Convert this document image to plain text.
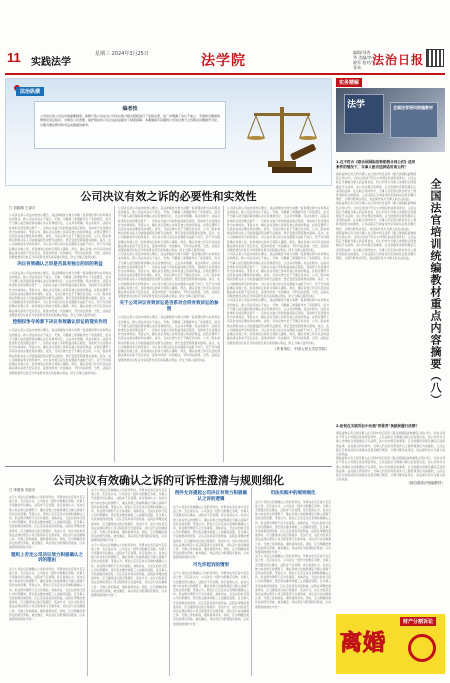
11 实践法学
星期三 2024年3月25日	法学院
编辑/刘秀华 美编/李晓军 校对/张英
法治日报
法治纵横
编者按

公司决议是公司法中的重要制度。新修订的公司法对公司决议效力相关规则进行了系统完善，进一步明确了决议不成立、无效和可撤销的情形及诉讼程序，为规范公司治理、保护股东和公司合法权益提供了制度保障。本期邀请专家围绕公司决议效力之诉相关问题展开讨论，以期为理论研究和司法实践提供参考。

公司决议有效之诉的必要性和实效性
□ 刘凯湘 王泽宇

公司决议是公司法中的核心概念，其法律属性与效力问题一直是理论界与实务界关注的焦点。新公司法对决议不成立、无效、可撤销三类瑕疵作出了系统规定，但对于当事人能否提起请求确认决议有效的诉讼，立法并未明确。司法实践中，法院对此类诉讼的受理态度不一，有的认为缺乏诉的利益而裁定驳回，有的则予以受理并作出实体判决。笔者认为，确认决议有效之诉具有独立的诉的利益，在特定情形下有其存在的必要性和实效性。首先，当决议效力处于不确定状态时，公司、股东或相关利害关系人可能面临经营决策无法推进、登记变更受阻等现实困境。其次，在公司控制权争夺的场景中，对立各方常以决议存在瑕疵为由拒不执行，若不允许提起确认有效之诉，则有效决议的执行将陷入僵局。再次，确认有效之诉可以及时消除法律关系的不安定状态，促进纠纷的一次性解决，节约司法资源。当然，法院在受理此类诉讼时应当审查原告是否具有确认利益，防止当事人滥用诉权。

决议有效确认之诉是否具有独立的诉的利益

公司决议是公司法中的核心概念，其法律属性与效力问题一直是理论界与实务界关注的焦点。新公司法对决议不成立、无效、可撤销三类瑕疵作出了系统规定，但对于当事人能否提起请求确认决议有效的诉讼，立法并未明确。司法实践中，法院对此类诉讼的受理态度不一，有的认为缺乏诉的利益而裁定驳回，有的则予以受理并作出实体判决。笔者认为，确认决议有效之诉具有独立的诉的利益，在特定情形下有其存在的必要性和实效性。首先，当决议效力处于不确定状态时，公司、股东或相关利害关系人可能面临经营决策无法推进、登记变更受阻等现实困境。其次，在公司控制权争夺的场景中，对立各方常以决议存在瑕疵为由拒不执行，若不允许提起确认有效之诉，则有效决议的执行将陷入僵局。再次，确认有效之诉可以及时消除法律关系的不安定状态，促进纠纷的一次性解决，节约司法资源。当然，法院在受理此类诉讼时应当审查原告是否具有确认利益，防止当事人滥用诉权。

控制权争夺场景下决议有效确认诉讼的现实作用

公司决议是公司法中的核心概念，其法律属性与效力问题一直是理论界与实务界关注的焦点。新公司法对决议不成立、无效、可撤销三类瑕疵作出了系统规定，但对于当事人能否提起请求确认决议有效的诉讼，立法并未明确。司法实践中，法院对此类诉讼的受理态度不一，有的认为缺乏诉的利益而裁定驳回，有的则予以受理并作出实体判决。笔者认为，确认决议有效之诉具有独立的诉的利益，在特定情形下有其存在的必要性和实效性。首先，当决议效力处于不确定状态时，公司、股东或相关利害关系人可能面临经营决策无法推进、登记变更受阻等现实困境。其次，在公司控制权争夺的场景中，对立各方常以决议存在瑕疵为由拒不执行，若不允许提起确认有效之诉，则有效决议的执行将陷入僵局。再次，确认有效之诉可以及时消除法律关系的不安定状态，促进纠纷的一次性解决，节约司法资源。当然，法院在受理此类诉讼时应当审查原告是否具有确认利益，防止当事人滥用诉权。

公司决议是公司法中的核心概念，其法律属性与效力问题一直是理论界与实务界关注的焦点。新公司法对决议不成立、无效、可撤销三类瑕疵作出了系统规定，但对于当事人能否提起请求确认决议有效的诉讼，立法并未明确。司法实践中，法院对此类诉讼的受理态度不一，有的认为缺乏诉的利益而裁定驳回，有的则予以受理并作出实体判决。笔者认为，确认决议有效之诉具有独立的诉的利益，在特定情形下有其存在的必要性和实效性。首先，当决议效力处于不确定状态时，公司、股东或相关利害关系人可能面临经营决策无法推进、登记变更受阻等现实困境。其次，在公司控制权争夺的场景中，对立各方常以决议存在瑕疵为由拒不执行，若不允许提起确认有效之诉，则有效决议的执行将陷入僵局。再次，确认有效之诉可以及时消除法律关系的不安定状态，促进纠纷的一次性解决，节约司法资源。当然，法院在受理此类诉讼时应当审查原告是否具有确认利益，防止当事人滥用诉权。

公司决议是公司法中的核心概念，其法律属性与效力问题一直是理论界与实务界关注的焦点。新公司法对决议不成立、无效、可撤销三类瑕疵作出了系统规定，但对于当事人能否提起请求确认决议有效的诉讼，立法并未明确。司法实践中，法院对此类诉讼的受理态度不一，有的认为缺乏诉的利益而裁定驳回，有的则予以受理并作出实体判决。笔者认为，确认决议有效之诉具有独立的诉的利益，在特定情形下有其存在的必要性和实效性。首先，当决议效力处于不确定状态时，公司、股东或相关利害关系人可能面临经营决策无法推进、登记变更受阻等现实困境。其次，在公司控制权争夺的场景中，对立各方常以决议存在瑕疵为由拒不执行，若不允许提起确认有效之诉，则有效决议的执行将陷入僵局。再次，确认有效之诉可以及时消除法律关系的不安定状态，促进纠纷的一次性解决，节约司法资源。当然，法院在受理此类诉讼时应当审查原告是否具有确认利益，防止当事人滥用诉权。

关于公司决议有效诉讼是否系对合同有效诉讼的参照

公司决议是公司法中的核心概念，其法律属性与效力问题一直是理论界与实务界关注的焦点。新公司法对决议不成立、无效、可撤销三类瑕疵作出了系统规定，但对于当事人能否提起请求确认决议有效的诉讼，立法并未明确。司法实践中，法院对此类诉讼的受理态度不一，有的认为缺乏诉的利益而裁定驳回，有的则予以受理并作出实体判决。笔者认为，确认决议有效之诉具有独立的诉的利益，在特定情形下有其存在的必要性和实效性。首先，当决议效力处于不确定状态时，公司、股东或相关利害关系人可能面临经营决策无法推进、登记变更受阻等现实困境。其次，在公司控制权争夺的场景中，对立各方常以决议存在瑕疵为由拒不执行，若不允许提起确认有效之诉，则有效决议的执行将陷入僵局。再次，确认有效之诉可以及时消除法律关系的不安定状态，促进纠纷的一次性解决，节约司法资源。当然，法院在受理此类诉讼时应当审查原告是否具有确认利益，防止当事人滥用诉权。

公司决议是公司法中的核心概念，其法律属性与效力问题一直是理论界与实务界关注的焦点。新公司法对决议不成立、无效、可撤销三类瑕疵作出了系统规定，但对于当事人能否提起请求确认决议有效的诉讼，立法并未明确。司法实践中，法院对此类诉讼的受理态度不一，有的认为缺乏诉的利益而裁定驳回，有的则予以受理并作出实体判决。笔者认为，确认决议有效之诉具有独立的诉的利益，在特定情形下有其存在的必要性和实效性。首先，当决议效力处于不确定状态时，公司、股东或相关利害关系人可能面临经营决策无法推进、登记变更受阻等现实困境。其次，在公司控制权争夺的场景中，对立各方常以决议存在瑕疵为由拒不执行，若不允许提起确认有效之诉，则有效决议的执行将陷入僵局。再次，确认有效之诉可以及时消除法律关系的不安定状态，促进纠纷的一次性解决，节约司法资源。当然，法院在受理此类诉讼时应当审查原告是否具有确认利益，防止当事人滥用诉权。

公司决议是公司法中的核心概念，其法律属性与效力问题一直是理论界与实务界关注的焦点。新公司法对决议不成立、无效、可撤销三类瑕疵作出了系统规定，但对于当事人能否提起请求确认决议有效的诉讼，立法并未明确。司法实践中，法院对此类诉讼的受理态度不一，有的认为缺乏诉的利益而裁定驳回，有的则予以受理并作出实体判决。笔者认为，确认决议有效之诉具有独立的诉的利益，在特定情形下有其存在的必要性和实效性。首先，当决议效力处于不确定状态时，公司、股东或相关利害关系人可能面临经营决策无法推进、登记变更受阻等现实困境。其次，在公司控制权争夺的场景中，对立各方常以决议存在瑕疵为由拒不执行，若不允许提起确认有效之诉，则有效决议的执行将陷入僵局。再次，确认有效之诉可以及时消除法律关系的不安定状态，促进纠纷的一次性解决，节约司法资源。当然，法院在受理此类诉讼时应当审查原告是否具有确认利益，防止当事人滥用诉权。

公司决议是公司法中的核心概念，其法律属性与效力问题一直是理论界与实务界关注的焦点。新公司法对决议不成立、无效、可撤销三类瑕疵作出了系统规定，但对于当事人能否提起请求确认决议有效的诉讼，立法并未明确。司法实践中，法院对此类诉讼的受理态度不一，有的认为缺乏诉的利益而裁定驳回，有的则予以受理并作出实体判决。笔者认为，确认决议有效之诉具有独立的诉的利益，在特定情形下有其存在的必要性和实效性。首先，当决议效力处于不确定状态时，公司、股东或相关利害关系人可能面临经营决策无法推进、登记变更受阻等现实困境。其次，在公司控制权争夺的场景中，对立各方常以决议存在瑕疵为由拒不执行，若不允许提起确认有效之诉，则有效决议的执行将陷入僵局。再次，确认有效之诉可以及时消除法律关系的不安定状态，促进纠纷的一次性解决，节约司法资源。当然，法院在受理此类诉讼时应当审查原告是否具有确认利益，防止当事人滥用诉权。

（作者单位：中国人民大学法学院）
公司决议有效确认之诉的可诉性澄清与规则细化
□ 李建伟 刘亚东

关于公司决议有效确认之诉的可诉性，学界存在肯定说与否定说之争。否定说认为，公司决议一经作出即推定有效，当事人无需通过诉讼确认，法院亦不应受理。肯定说则认为，在决议效力存在争议的情形下，确认有效之诉能够满足当事人消除不安状态的需要。笔者认为，原则上应否定决议有效积极确认之诉，但在例外情形下应允许提起。具体而言，当决议的执行因公司内部僵局、登记机关要求或第三人质疑而受阻，且当事人无其他救济途径时，应认定其具有诉的利益。法院在审理此类案件时，应当围绕决议的召集程序、表决方式、决议内容是否违反法律法规及公司章程等进行全面审查，并注意与决议撤销之诉、无效之诉的衔接，避免裁判冲突。同时，应当明确此类诉讼的原告资格、被告确定、举证责任分配等程序规则，以实现规则的细化与统一。

理则上否定公司决议效力积极确认之诉的理由

关于公司决议有效确认之诉的可诉性，学界存在肯定说与否定说之争。否定说认为，公司决议一经作出即推定有效，当事人无需通过诉讼确认，法院亦不应受理。肯定说则认为，在决议效力存在争议的情形下，确认有效之诉能够满足当事人消除不安状态的需要。笔者认为，原则上应否定决议有效积极确认之诉，但在例外情形下应允许提起。具体而言，当决议的执行因公司内部僵局、登记机关要求或第三人质疑而受阻，且当事人无其他救济途径时，应认定其具有诉的利益。法院在审理此类案件时，应当围绕决议的召集程序、表决方式、决议内容是否违反法律法规及公司章程等进行全面审查，并注意与决议撤销之诉、无效之诉的衔接，避免裁判冲突。同时，应当明确此类诉讼的原告资格、被告确定、举证责任分配等程序规则，以实现规则的细化与统一。

关于公司决议有效确认之诉的可诉性，学界存在肯定说与否定说之争。否定说认为，公司决议一经作出即推定有效，当事人无需通过诉讼确认，法院亦不应受理。肯定说则认为，在决议效力存在争议的情形下，确认有效之诉能够满足当事人消除不安状态的需要。笔者认为，原则上应否定决议有效积极确认之诉，但在例外情形下应允许提起。具体而言，当决议的执行因公司内部僵局、登记机关要求或第三人质疑而受阻，且当事人无其他救济途径时，应认定其具有诉的利益。法院在审理此类案件时，应当围绕决议的召集程序、表决方式、决议内容是否违反法律法规及公司章程等进行全面审查，并注意与决议撤销之诉、无效之诉的衔接，避免裁判冲突。同时，应当明确此类诉讼的原告资格、被告确定、举证责任分配等程序规则，以实现规则的细化与统一。

关于公司决议有效确认之诉的可诉性，学界存在肯定说与否定说之争。否定说认为，公司决议一经作出即推定有效，当事人无需通过诉讼确认，法院亦不应受理。肯定说则认为，在决议效力存在争议的情形下，确认有效之诉能够满足当事人消除不安状态的需要。笔者认为，原则上应否定决议有效积极确认之诉，但在例外情形下应允许提起。具体而言，当决议的执行因公司内部僵局、登记机关要求或第三人质疑而受阻，且当事人无其他救济途径时，应认定其具有诉的利益。法院在审理此类案件时，应当围绕决议的召集程序、表决方式、决议内容是否违反法律法规及公司章程等进行全面审查，并注意与决议撤销之诉、无效之诉的衔接，避免裁判冲突。同时，应当明确此类诉讼的原告资格、被告确定、举证责任分配等程序规则，以实现规则的细化与统一。

例外允许提起公司决议有效力积极确认之诉的逻辑

关于公司决议有效确认之诉的可诉性，学界存在肯定说与否定说之争。否定说认为，公司决议一经作出即推定有效，当事人无需通过诉讼确认，法院亦不应受理。肯定说则认为，在决议效力存在争议的情形下，确认有效之诉能够满足当事人消除不安状态的需要。笔者认为，原则上应否定决议有效积极确认之诉，但在例外情形下应允许提起。具体而言，当决议的执行因公司内部僵局、登记机关要求或第三人质疑而受阻，且当事人无其他救济途径时，应认定其具有诉的利益。法院在审理此类案件时，应当围绕决议的召集程序、表决方式、决议内容是否违反法律法规及公司章程等进行全面审查，并注意与决议撤销之诉、无效之诉的衔接，避免裁判冲突。同时，应当明确此类诉讼的原告资格、被告确定、举证责任分配等程序规则，以实现规则的细化与统一。

可允许起诉的情形

关于公司决议有效确认之诉的可诉性，学界存在肯定说与否定说之争。否定说认为，公司决议一经作出即推定有效，当事人无需通过诉讼确认，法院亦不应受理。肯定说则认为，在决议效力存在争议的情形下，确认有效之诉能够满足当事人消除不安状态的需要。笔者认为，原则上应否定决议有效积极确认之诉，但在例外情形下应允许提起。具体而言，当决议的执行因公司内部僵局、登记机关要求或第三人质疑而受阻，且当事人无其他救济途径时，应认定其具有诉的利益。法院在审理此类案件时，应当围绕决议的召集程序、表决方式、决议内容是否违反法律法规及公司章程等进行全面审查，并注意与决议撤销之诉、无效之诉的衔接，避免裁判冲突。同时，应当明确此类诉讼的原告资格、被告确定、举证责任分配等程序规则，以实现规则的细化与统一。

司法实践中的规则细化

关于公司决议有效确认之诉的可诉性，学界存在肯定说与否定说之争。否定说认为，公司决议一经作出即推定有效，当事人无需通过诉讼确认，法院亦不应受理。肯定说则认为，在决议效力存在争议的情形下，确认有效之诉能够满足当事人消除不安状态的需要。笔者认为，原则上应否定决议有效积极确认之诉，但在例外情形下应允许提起。具体而言，当决议的执行因公司内部僵局、登记机关要求或第三人质疑而受阻，且当事人无其他救济途径时，应认定其具有诉的利益。法院在审理此类案件时，应当围绕决议的召集程序、表决方式、决议内容是否违反法律法规及公司章程等进行全面审查，并注意与决议撤销之诉、无效之诉的衔接，避免裁判冲突。同时，应当明确此类诉讼的原告资格、被告确定、举证责任分配等程序规则，以实现规则的细化与统一。

关于公司决议有效确认之诉的可诉性，学界存在肯定说与否定说之争。否定说认为，公司决议一经作出即推定有效，当事人无需通过诉讼确认，法院亦不应受理。肯定说则认为，在决议效力存在争议的情形下，确认有效之诉能够满足当事人消除不安状态的需要。笔者认为，原则上应否定决议有效积极确认之诉，但在例外情形下应允许提起。具体而言，当决议的执行因公司内部僵局、登记机关要求或第三人质疑而受阻，且当事人无其他救济途径时，应认定其具有诉的利益。法院在审理此类案件时，应当围绕决议的召集程序、表决方式、决议内容是否违反法律法规及公司章程等进行全面审查，并注意与决议撤销之诉、无效之诉的衔接，避免裁判冲突。同时，应当明确此类诉讼的原告资格、被告确定、举证责任分配等程序规则，以实现规则的细化与统一。

实务精解
法学	全国法官培训统编教材
全国法官培训统编教材重点内容摘要（八）
1.在不符合《联合国国际货物销售合同公约》适用条件的情况下，当事人能否选择适用该公约？

国际货物买卖合同当事人在合同中约定适用《联合国国际货物销售合同公约》，但该合同并不符合公约规定的适用条件时，人民法院应当尊重当事人的意思自治，将公约作为当事人选择的合同准据法予以适用。但公约未规定的事项，应当依据冲突规范确定应适用的法律。在关联合同纠纷中，当事人约定的付款条件以上游款项到位为前提的，人民法院应当审查该约定的真实意思及履行情况，合理分配举证责任，依法保护各方当事人的合法权益。

国际货物买卖合同当事人在合同中约定适用《联合国国际货物销售合同公约》，但该合同并不符合公约规定的适用条件时，人民法院应当尊重当事人的意思自治，将公约作为当事人选择的合同准据法予以适用。但公约未规定的事项，应当依据冲突规范确定应适用的法律。在关联合同纠纷中，当事人约定的付款条件以上游款项到位为前提的，人民法院应当审查该约定的真实意思及履行情况，合理分配举证责任，依法保护各方当事人的合法权益。

国际货物买卖合同当事人在合同中约定适用《联合国国际货物销售合同公约》，但该合同并不符合公约规定的适用条件时，人民法院应当尊重当事人的意思自治，将公约作为当事人选择的合同准据法予以适用。但公约未规定的事项，应当依据冲突规范确定应适用的法律。在关联合同纠纷中，当事人约定的付款条件以上游款项到位为前提的，人民法院应当审查该约定的真实意思及履行情况，合理分配举证责任，依法保护各方当事人的合法权益。

2.如何在关联诉讼中处理"背靠背"条款和履行抗辩？

国际货物买卖合同当事人在合同中约定适用《联合国国际货物销售合同公约》，但该合同并不符合公约规定的适用条件时，人民法院应当尊重当事人的意思自治，将公约作为当事人选择的合同准据法予以适用。但公约未规定的事项，应当依据冲突规范确定应适用的法律。在关联合同纠纷中，当事人约定的付款条件以上游款项到位为前提的，人民法院应当审查该约定的真实意思及履行情况，合理分配举证责任，依法保护各方当事人的合法权益。

国际货物买卖合同当事人在合同中约定适用《联合国国际货物销售合同公约》，但该合同并不符合公约规定的适用条件时，人民法院应当尊重当事人的意思自治，将公约作为当事人选择的合同准据法予以适用。但公约未规定的事项，应当依据冲突规范确定应适用的法律。在关联合同纠纷中，当事人约定的付款条件以上游款项到位为前提的，人民法院应当审查该约定的真实意思及履行情况，合理分配举证责任，依法保护各方当事人的合法权益。

（摘自最高法统编教材）
财产分割诉讼
离婚
